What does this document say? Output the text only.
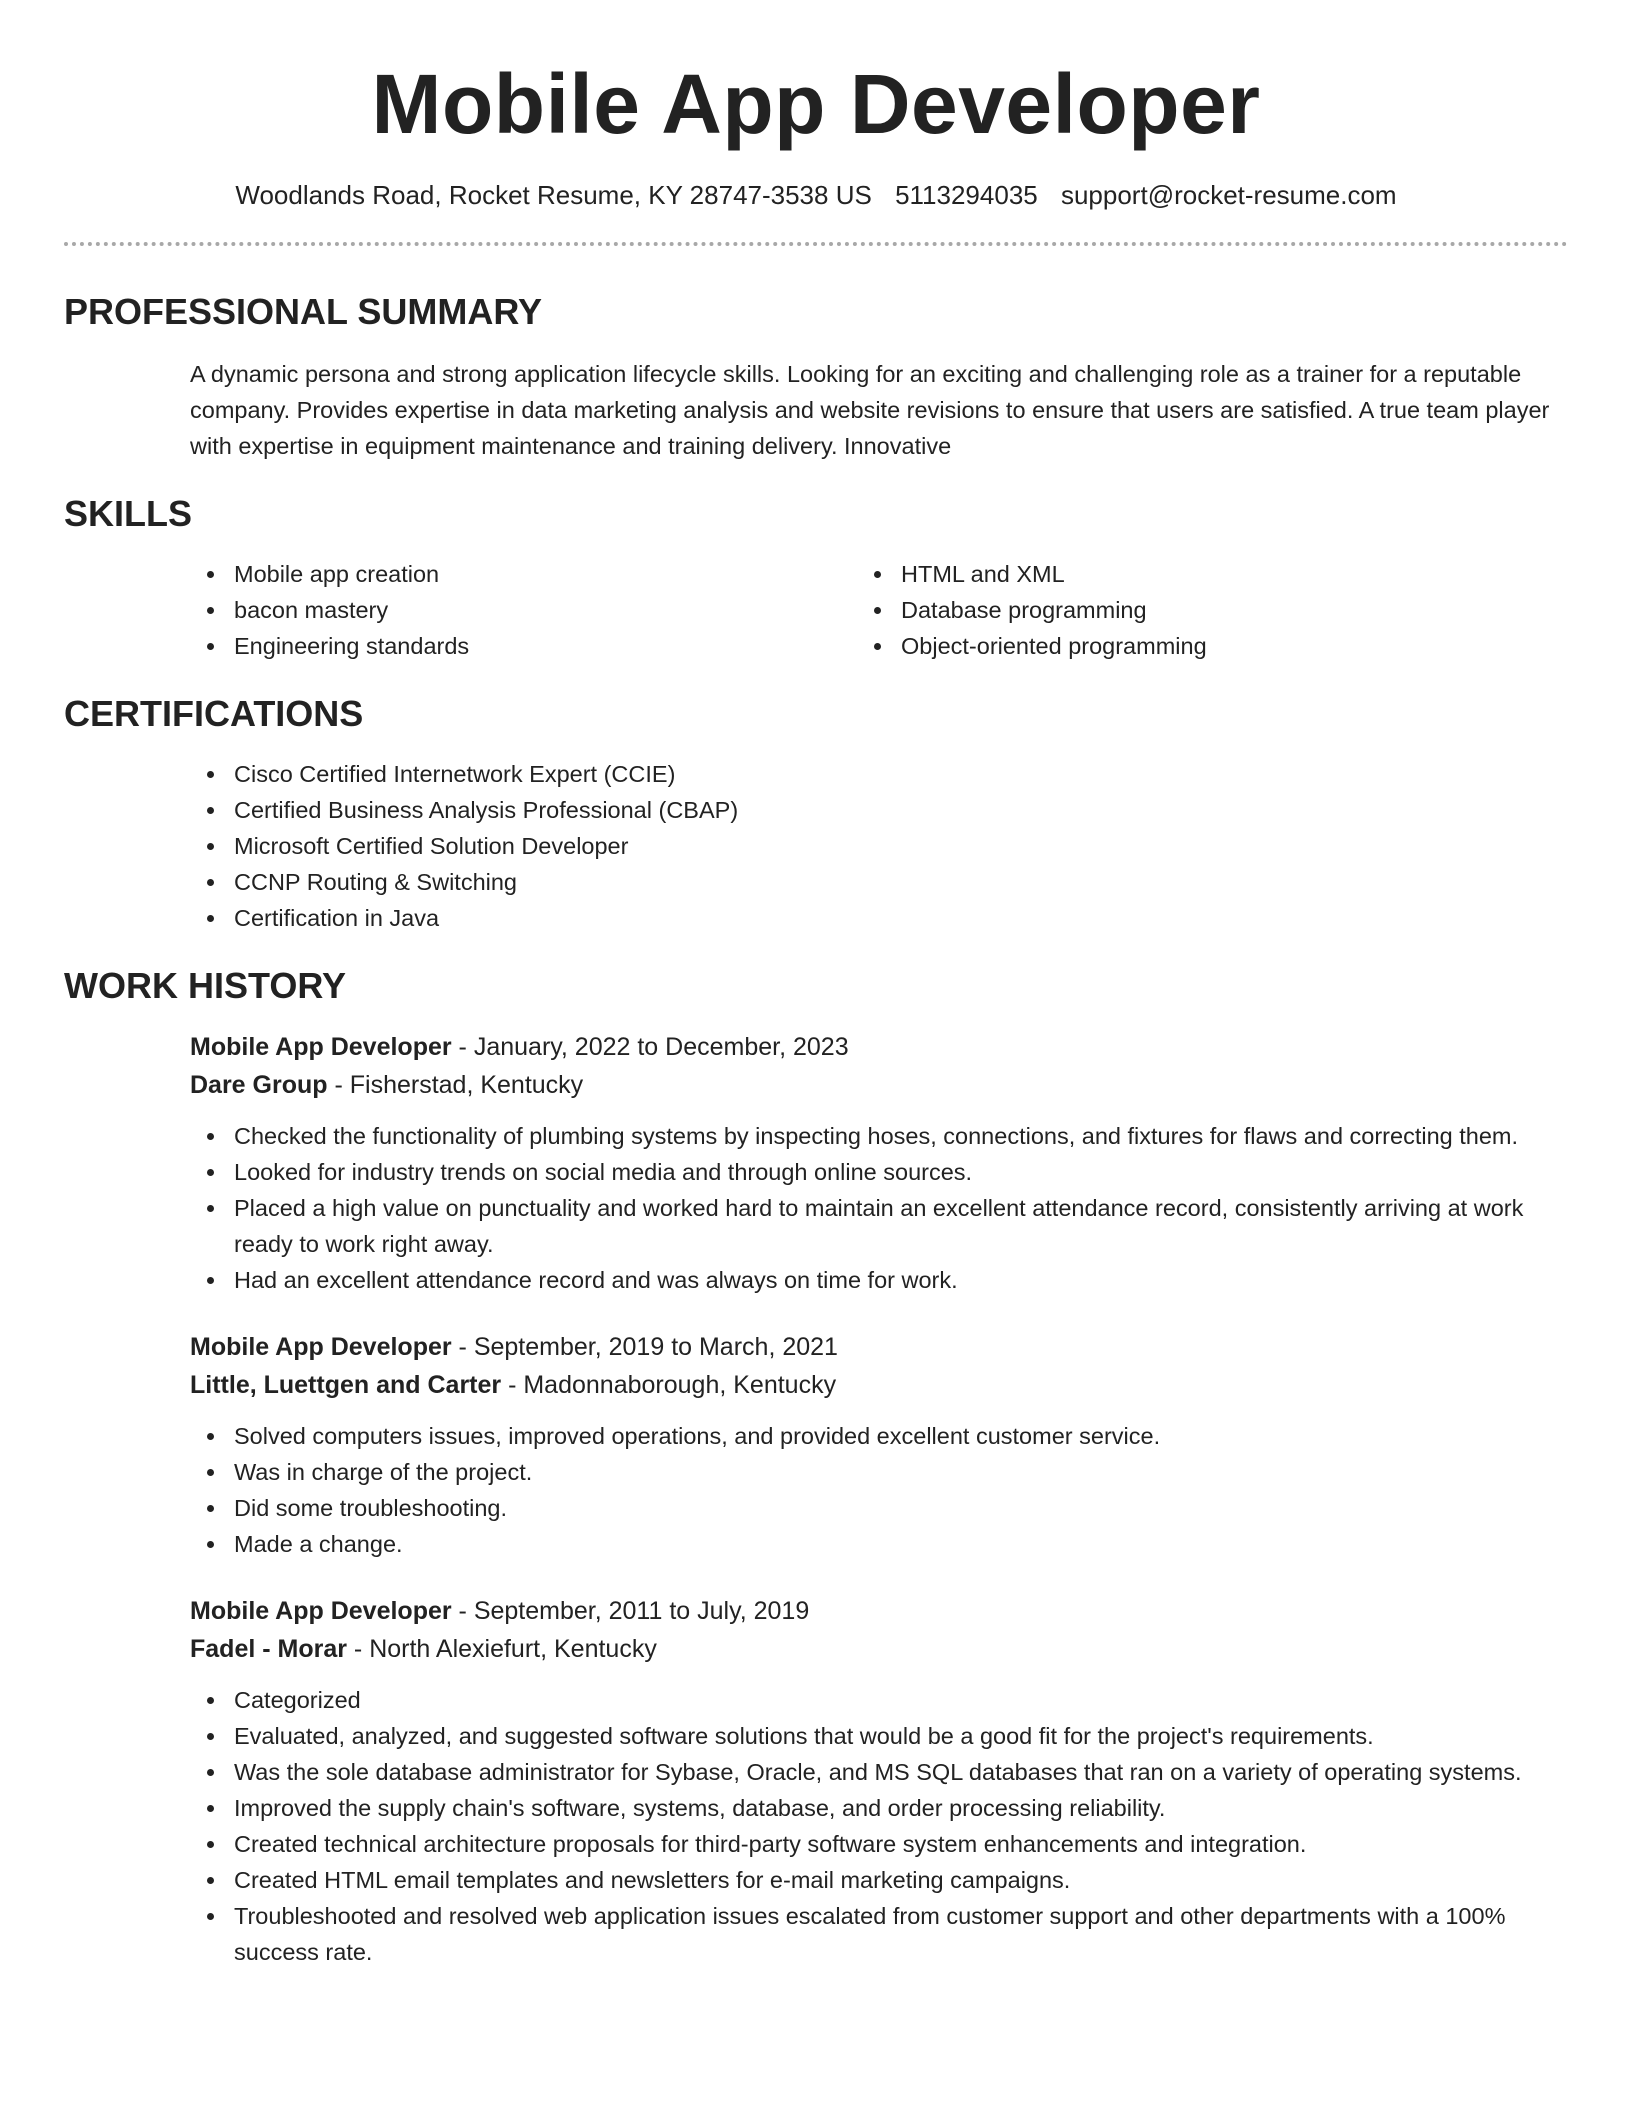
Mobile App Developer
Woodlands Road, Rocket Resume, KY 28747-3538 US 5113294035 support@rocket-resume.com
PROFESSIONAL SUMMARY

A dynamic persona and strong application lifecycle skills. Looking for an exciting and challenging role as a trainer for a reputable company. Provides expertise in data marketing analysis and website revisions to ensure that users are satisfied. A true team player with expertise in equipment maintenance and training delivery. Innovative

SKILLS
Mobile app creation
bacon mastery
Engineering standards
HTML and XML
Database programming
Object-oriented programming
CERTIFICATIONS
Cisco Certified Internetwork Expert (CCIE)
Certified Business Analysis Professional (CBAP)
Microsoft Certified Solution Developer
CCNP Routing & Switching
Certification in Java
WORK HISTORY
Mobile App Developer - January, 2022 to December, 2023
Dare Group - Fisherstad, Kentucky
Checked the functionality of plumbing systems by inspecting hoses, connections, and fixtures for flaws and correcting them.
Looked for industry trends on social media and through online sources.
Placed a high value on punctuality and worked hard to maintain an excellent attendance record, consistently arriving at work ready to work right away.
Had an excellent attendance record and was always on time for work.
Mobile App Developer - September, 2019 to March, 2021
Little, Luettgen and Carter - Madonnaborough, Kentucky
Solved computers issues, improved operations, and provided excellent customer service.
Was in charge of the project.
Did some troubleshooting.
Made a change.
Mobile App Developer - September, 2011 to July, 2019
Fadel - Morar - North Alexiefurt, Kentucky
Categorized
Evaluated, analyzed, and suggested software solutions that would be a good fit for the project's requirements.
Was the sole database administrator for Sybase, Oracle, and MS SQL databases that ran on a variety of operating systems.
Improved the supply chain's software, systems, database, and order processing reliability.
Created technical architecture proposals for third-party software system enhancements and integration.
Created HTML email templates and newsletters for e-mail marketing campaigns.
Troubleshooted and resolved web application issues escalated from customer support and other departments with a 100% success rate.
